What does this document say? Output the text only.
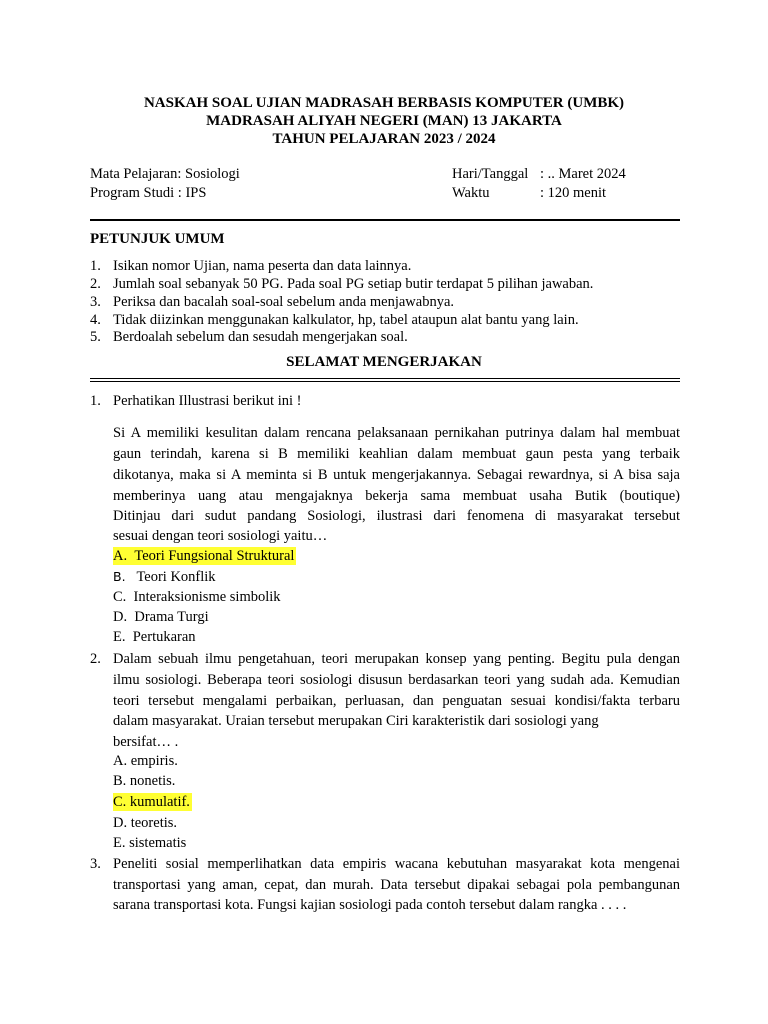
NASKAH SOAL UJIAN MADRASAH BERBASIS KOMPUTER (UMBK)
MADRASAH ALIYAH NEGERI (MAN) 13 JAKARTA
TAHUN PELAJARAN 2023 / 2024
Mata Pelajaran: Sosiologi
Program Studi : IPS
Hari/Tanggal : .. Maret 2024
Waktu	: 120 menit
PETUNJUK UMUM
1. Isikan nomor Ujian, nama peserta dan data lainnya.
2. Jumlah soal sebanyak 50 PG. Pada soal PG setiap butir terdapat 5 pilihan jawaban.
3. Periksa dan bacalah soal-soal sebelum anda menjawabnya.
4. Tidak diizinkan menggunakan kalkulator, hp, tabel ataupun alat bantu yang lain.
5. Berdoalah sebelum dan sesudah mengerjakan soal.
SELAMAT MENGERJAKAN
1. Perhatikan Illustrasi berikut ini !
Si A memiliki kesulitan dalam rencana pelaksanaan pernikahan putrinya dalam hal membuat
gaun terindah, karena si B memiliki keahlian dalam membuat gaun pesta yang terbaik
dikotanya, maka si A meminta si B untuk mengerjakannya. Sebagai rewardnya, si A bisa saja
memberinya uang atau mengajaknya bekerja sama membuat usaha Butik (boutique)
Ditinjau dari sudut pandang Sosiologi, ilustrasi dari fenomena di masyarakat tersebut
sesuai dengan teori sosiologi yaitu…
A. Teori Fungsional Struktural
B. Teori Konflik
C. Interaksionisme simbolik
D. Drama Turgi
E. Pertukaran
2. Dalam sebuah ilmu pengetahuan, teori merupakan konsep yang penting. Begitu pula dengan
ilmu sosiologi. Beberapa teori sosiologi disusun berdasarkan teori yang sudah ada. Kemudian
teori tersebut mengalami perbaikan, perluasan, dan penguatan sesuai kondisi/fakta terbaru
dalam masyarakat. Uraian tersebut merupakan Ciri karakteristik dari sosiologi yang
bersifat… .
A. empiris.
B. nonetis.
C. kumulatif.
D. teoretis.
E. sistematis
3. Peneliti sosial memperlihatkan data empiris wacana kebutuhan masyarakat kota mengenai
transportasi yang aman, cepat, dan murah. Data tersebut dipakai sebagai pola pembangunan
sarana transportasi kota. Fungsi kajian sosiologi pada contoh tersebut dalam rangka . . . .
